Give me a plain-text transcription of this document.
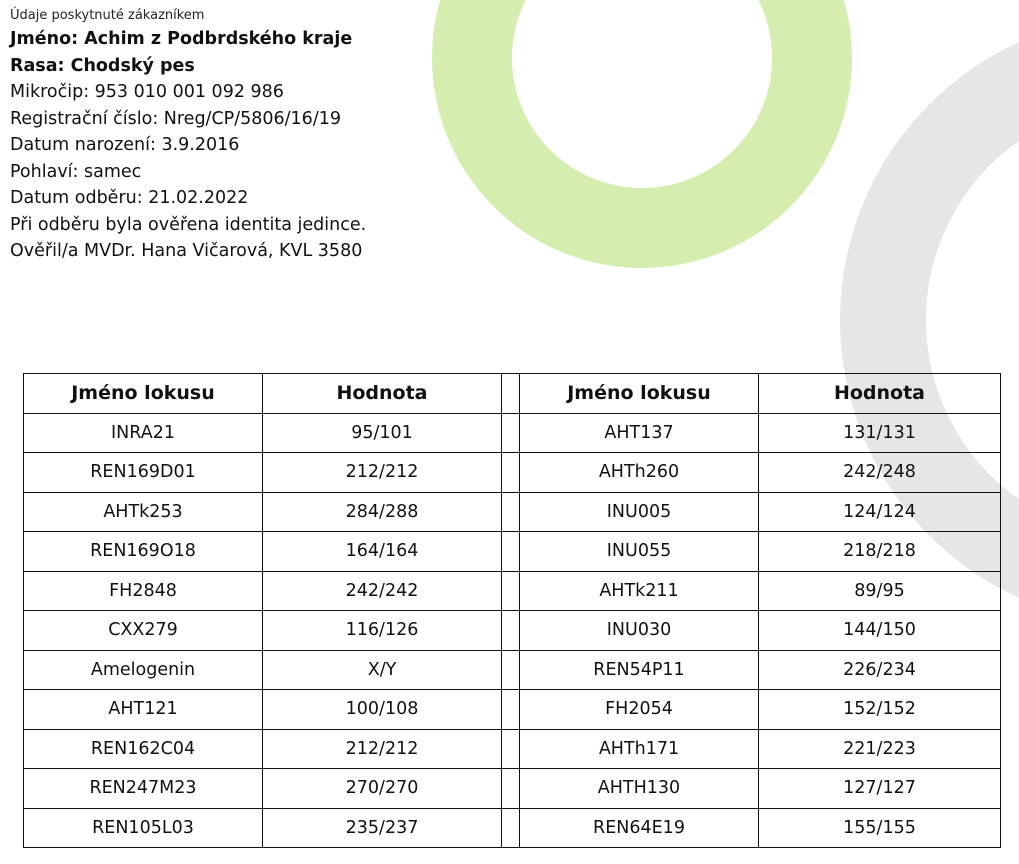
Údaje poskytnuté zákazníkem
Jméno: Achim z Podbrdského kraje
Rasa: Chodský pes
Mikročip: 953 010 001 092 986
Registrační číslo: Nreg/CP/5806/16/19
Datum narození: 3.9.2016
Pohlaví: samec
Datum odběru: 21.02.2022
Při odběru byla ověřena identita jedince.
Ověřil/a MVDr. Hana Vičarová, KVL 3580
Jméno lokusu	Hodnota		Jméno lokusu	Hodnota
INRA21	95/101		AHT137	131/131
REN169D01	212/212		AHTh260	242/248
AHTk253	284/288		INU005	124/124
REN169O18	164/164		INU055	218/218
FH2848	242/242		AHTk211	89/95
CXX279	116/126		INU030	144/150
Amelogenin	X/Y		REN54P11	226/234
AHT121	100/108		FH2054	152/152
REN162C04	212/212		AHTh171	221/223
REN247M23	270/270		AHTH130	127/127
REN105L03	235/237		REN64E19	155/155
